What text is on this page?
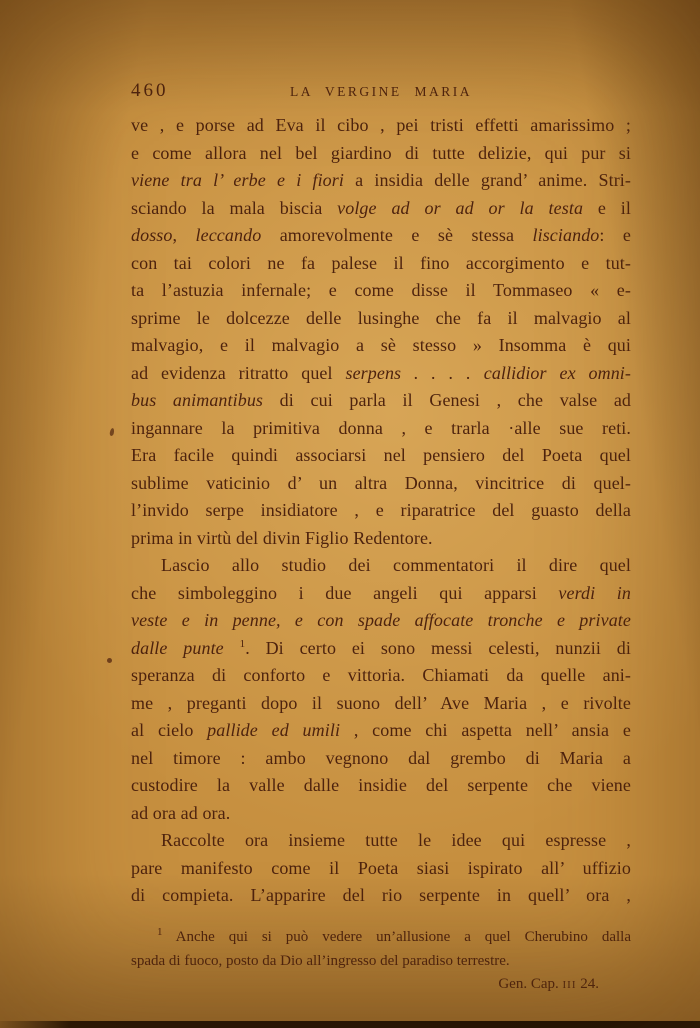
460	LA VERGINE MARIA
ve , e porse ad Eva il cibo , pei tristi effetti amarissimo ;
e come allora nel bel giardino di tutte delizie, qui pur si
viene tra l’ erbe e i fiori a insidia delle grand’ anime. Stri-
sciando la mala biscia volge ad or ad or la testa e il
dosso, leccando amorevolmente e sè stessa lisciando: e
con tai colori ne fa palese il fino accorgimento e tut-
ta l’astuzia infernale; e come disse il Tommaseo « e-
sprime le dolcezze delle lusinghe che fa il malvagio al
malvagio, e il malvagio a sè stesso » Insomma è qui
ad evidenza ritratto quel serpens . . . . callidior ex omni-
bus animantibus di cui parla il Genesi , che valse ad
ingannare la primitiva donna , e trarla ·alle sue reti.
Era facile quindi associarsi nel pensiero del Poeta quel
sublime vaticinio d’ un altra Donna, vincitrice di quel-
l’invido serpe insidiatore , e riparatrice del guasto della
prima in virtù del divin Figlio Redentore.
Lascio allo studio dei commentatori il dire quel
che simboleggino i due angeli qui apparsi verdi in
veste e in penne, e con spade affocate tronche e private
dalle punte $^1$. Di certo ei sono messi celesti, nunzii di
speranza di conforto e vittoria. Chiamati da quelle ani-
me , preganti dopo il suono dell’ Ave Maria , e rivolte
al cielo pallide ed umili , come chi aspetta nell’ ansia e
nel timore : ambo vegnono dal grembo di Maria a
custodire la valle dalle insidie del serpente che viene
ad ora ad ora.
Raccolte ora insieme tutte le idee qui espresse ,
pare manifesto come il Poeta siasi ispirato all’ uffizio
di compieta. L’apparire del rio serpente in quell’ ora ,
$^1$ Anche qui si può vedere un’allusione a quel Cherubino dalla
spada di fuoco, posto da Dio all’ingresso del paradiso terrestre.
Gen. Cap. iii 24.
